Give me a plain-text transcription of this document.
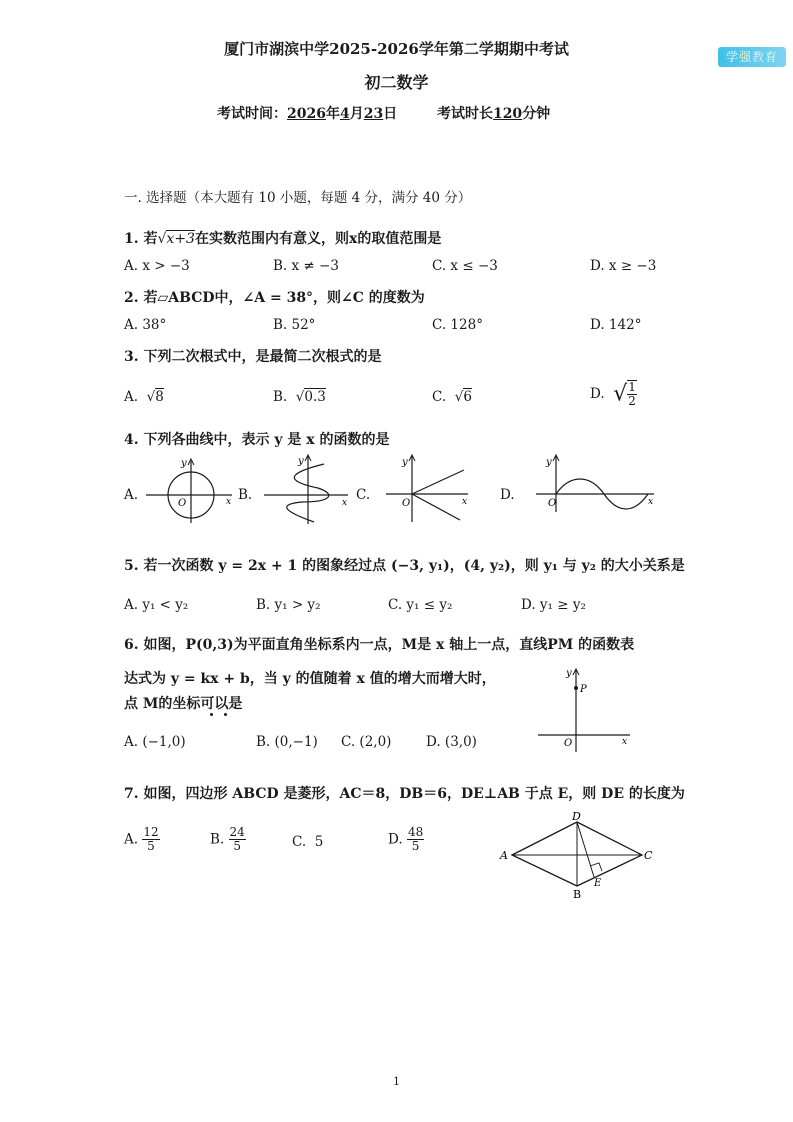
学强教育
厦门市湖滨中学2025-2026学年第二学期期中考试
初二数学
考试时间：2026年4月23日	考试时长120分钟
一. 选择题（本大题有 10 小题，每题 4 分，满分 40 分）
1. 若√x+3在实数范围内有意义，则x的取值范围是
A. x > −3	B. x ≠ −3	C. x ≤ −3	D. x ≥ −3
2. 若▱ABCD中，∠A = 38°，则∠C 的度数为
A. 38°	B. 52°	C. 128°	D. 142°
3. 下列二次根式中，是最简二次根式的是
A.  √8	B.  √0.3	C.  √6	D. √ $\frac{1}{2}$
4. 下列各曲线中，表示 y 是 x 的函数的是
A.	B.	C.	D.
y
x
O
y
x
y
x
O
y
x
O
5. 若一次函数 y = 2x + 1 的图象经过点 (−3, y₁)，(4, y₂)，则 y₁ 与 y₂ 的大小关系是
A. y₁ < y₂	B. y₁ > y₂	C. y₁ ≤ y₂	D. y₁ ≥ y₂
6. 如图，P(0,3)为平面直角坐标系内一点，M是 x 轴上一点，直线PM 的函数表
达式为 y = kx + b，当 y 的值随着 x 值的增大而增大时，
点 M的坐标可以是
A. (−1,0)	B. (0,−1) C. (2,0)	D. (3,0)
y
P
O	x
7. 如图，四边形 ABCD 是菱形，AC＝8，DB＝6，DE⊥AB 于点 E，则 DE 的长度为
A. $\frac{12}{5}$	B. $\frac{24}{5}$	C. 5	D. $\frac{48}{5}$
A
D
C
B
E
1
